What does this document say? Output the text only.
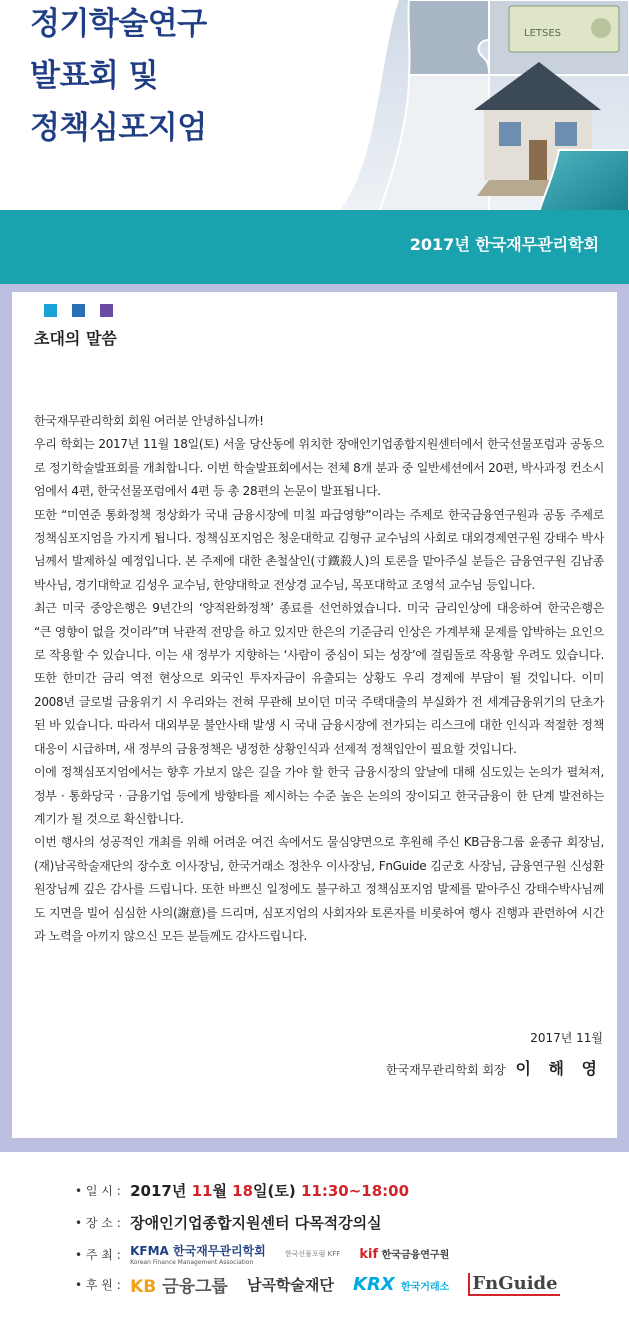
정기학술연구
발표회 및
정책심포지엄
LETSES
2017년 한국재무관리학회
초대의 말씀

한국재무관리학회 회원 여러분 안녕하십니까!

우리 학회는 2017년 11월 18일(토) 서울 당산동에 위치한 장애인기업종합지원센터에서 한국선물포럼과 공동으로 정기학술발표회를 개최합니다. 이번 학술발표회에서는 전체 8개 분과 중 일반세션에서 20편, 박사과정 컨소시엄에서 4편, 한국선물포럼에서 4편 등 총 28편의 논문이 발표됩니다.

또한 “미연준 통화정책 정상화가 국내 금융시장에 미칠 파급영향”이라는 주제로 한국금융연구원과 공동 주제로 정책심포지엄을 가지게 됩니다. 정책심포지엄은 청운대학교 김형규 교수님의 사회로 대외경제연구원 강태수 박사님께서 발제하실 예정입니다. 본 주제에 대한 촌철살인(寸鐵殺人)의 토론을 맡아주실 분들은 금융연구원 김남종 박사님, 경기대학교 김성우 교수님, 한양대학교 전상경 교수님, 목포대학교 조영석 교수님 등입니다.

최근 미국 중앙은행은 9년간의 ‘양적완화정책’ 종료를 선언하였습니다. 미국 금리인상에 대응하여 한국은행은 “큰 영향이 없을 것이라”며 낙관적 전망을 하고 있지만 한은의 기준금리 인상은 가계부채 문제를 압박하는 요인으로 작용할 수 있습니다. 이는 새 정부가 지향하는 ‘사람이 중심이 되는 성장’에 걸림돌로 작용할 우려도 있습니다. 또한 한미간 금리 역전 현상으로 외국인 투자자금이 유출되는 상황도 우리 경제에 부담이 될 것입니다. 이미 2008년 글로벌 금융위기 시 우리와는 전혀 무관해 보이던 미국 주택대출의 부실화가 전 세계금융위기의 단초가 된 바 있습니다. 따라서 대외부문 불안사태 발생 시 국내 금융시장에 전가되는 리스크에 대한 인식과 적절한 정책대응이 시급하며, 새 정부의 금융정책은 냉정한 상황인식과 선제적 정책입안이 필요할 것입니다.

이에 정책심포지엄에서는 향후 가보지 않은 길을 가야 할 한국 금융시장의 앞날에 대해 심도있는 논의가 펼쳐져, 정부 · 통화당국 · 금융기업 등에게 방향타를 제시하는 수준 높은 논의의 장이되고 한국금융이 한 단계 발전하는 계기가 될 것으로 확신합니다.

이번 행사의 성공적인 개최를 위해 어려운 여건 속에서도 물심양면으로 후원해 주신 KB금융그룹 윤종규 회장님, (재)남곡학술재단의 장수호 이사장님, 한국거래소 정찬우 이사장님, FnGuide 김군호 사장님, 금융연구원 신성환 원장님께 깊은 감사를 드립니다. 또한 바쁘신 일정에도 불구하고 정책심포지엄 발제를 맡아주신 강태수박사님께도 지면을 빌어 심심한 사의(謝意)를 드리며, 심포지엄의 사회자와 토론자를 비롯하여 행사 진행과 관련하여 시간과 노력을 아끼지 않으신 모든 분들께도 감사드립니다.

2017년 11월
한국재무관리학회 회장 이 해 영
• 일 시 : 2017년 11월 18일(토) 11:30~18:00
• 장 소 : 장애인기업종합지원센터 다목적강의실
• 주 최 : KFMA 한국재무관리학회
Korean Finance Management Association
한국선물포럼 KFF kif 한국금융연구원
• 후 원 : KB 금융그룹 남곡학술재단 KRX 한국거래소 FnGuide
